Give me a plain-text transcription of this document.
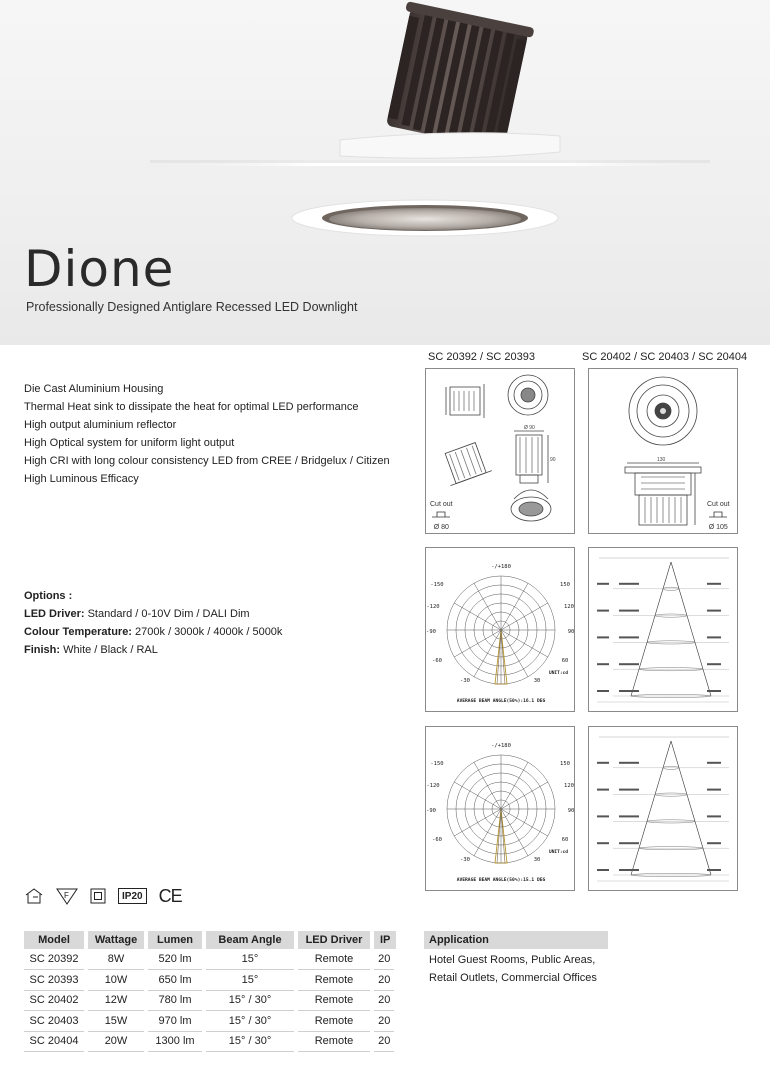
Dione
Professionally Designed Antiglare Recessed LED Downlight
Die Cast Aluminium Housing
Thermal Heat sink to dissipate the heat for optimal LED performance
High output aluminium reflector
High Optical system for uniform light output
High CRI with long colour consistency LED from CREE / Bridgelux / Citizen
High Luminous Efficacy
Options :
LED Driver: Standard / 0-10V Dim / DALI Dim
Colour Temperature: 2700k / 3000k / 4000k / 5000k
Finish: White / Black / RAL
SC 20392 / SC 20393	SC 20402 / SC 20403 / SC 20404
Ø 90
90
Cut out
Ø 80
130
Cut out
Ø 105
-/+180
-150	150
-120	120
-90	90
-60	60
-30	30
UNIT:cd
AVERAGE BEAM ANGLE(50%):16.1 DEG
-/+180
-150	150
-120	120
-90	90
-60	60
-30	30
UNIT:cd
AVERAGE BEAM ANGLE(50%):15.1 DEG
F	IP20 CE
Model	Wattage	Lumen	Beam Angle	LED Driver	IP
SC 20392	8W	520 lm	15°	Remote	20
SC 20393	10W	650 lm	15°	Remote	20
SC 20402	12W	780 lm	15° / 30°	Remote	20
SC 20403	15W	970 lm	15° / 30°	Remote	20
SC 20404	20W	1300 lm	15° / 30°	Remote	20
Application
Hotel Guest Rooms, Public Areas, Retail Outlets, Commercial Offices
